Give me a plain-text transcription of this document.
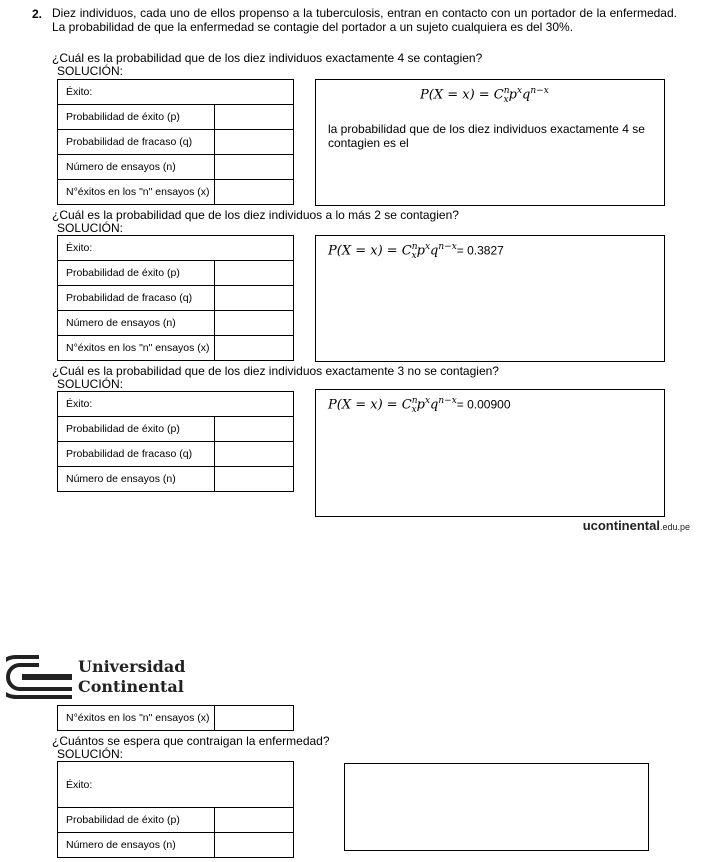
2. Diez individuos, cada uno de ellos propenso a la tuberculosis, entran en contacto con un portador de la enfermedad. La probabilidad de que la enfermedad se contagie del portador a un sujeto cualquiera es del 30%.
¿Cuál es la probabilidad que de los diez individuos exactamente 4 se contagien?
SOLUCIÓN:
Éxito:	
Probabilidad de éxito (p)	
Probabilidad de fracaso (q)	
Número de ensayos (n)	
N°éxitos en los "n" ensayos (x)	
$P(X = x) = C^n_xp^xq^{n-x}$
la probabilidad que de los diez individuos exactamente 4 se contagien es el
¿Cuál es la probabilidad que de los diez individuos a lo más 2 se contagien?
SOLUCIÓN:
Éxito:	
Probabilidad de éxito (p)	
Probabilidad de fracaso (q)	
Número de ensayos (n)	
N°éxitos en los "n" ensayos (x)	
$P(X = x) = C^n_xp^xq^{n-x}= 0.3827$
¿Cuál es la probabilidad que de los diez individuos exactamente 3 no se contagien?
SOLUCIÓN:
Éxito:	
Probabilidad de éxito (p)	
Probabilidad de fracaso (q)	
Número de ensayos (n)	
$P(X = x) = C^n_xp^xq^{n-x}= 0.00900$
ucontinental.edu.pe
Universidad
Continental
N°éxitos en los "n" ensayos (x)	
¿Cuántos se espera que contraigan la enfermedad?
SOLUCIÓN:
Éxito:	
Probabilidad de éxito (p)	
Número de ensayos (n)	
